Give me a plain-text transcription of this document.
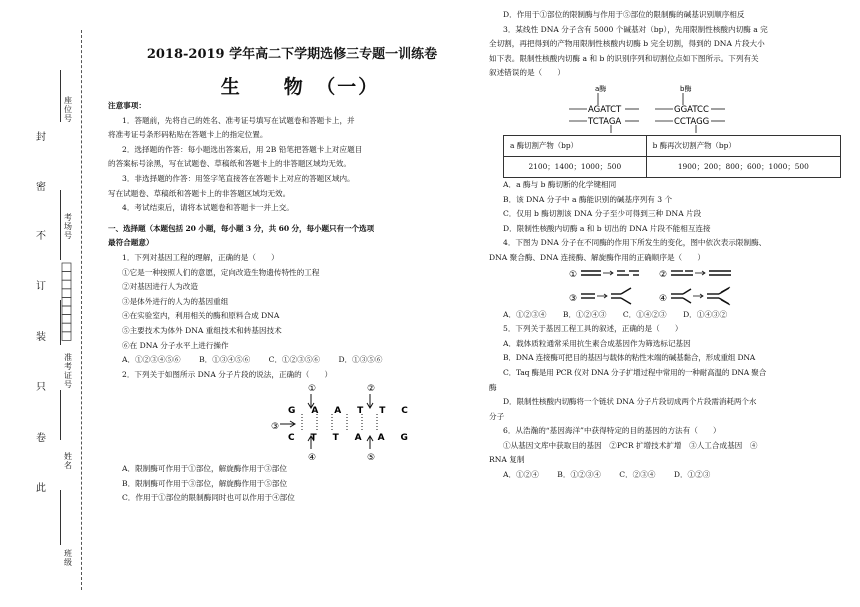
封
密
不
订
装
只
卷
此
座位号
考场号
准考证号
姓名
班级
2018-2019 学年高二下学期选修三专题一训练卷
生　　物　（一）

注意事项：

1．答题前，先将自己的姓名、准考证号填写在试题卷和答题卡上，并

将准考证号条形码粘贴在答题卡上的指定位置。

2．选择题的作答：每小题选出答案后，用 2B 铅笔把答题卡上对应题目

的答案标号涂黑，写在试题卷、草稿纸和答题卡上的非答题区域均无效。

3．非选择题的作答：用签字笔直接答在答题卡上对应的答题区域内。

写在试题卷、草稿纸和答题卡上的非答题区域均无效。

4．考试结束后，请将本试题卷和答题卡一并上交。

一、选择题（本题包括 20 小题，每小题 3 分，共 60 分，每小题只有一个选项

最符合题意）

1．下列对基因工程的理解，正确的是（　　）

①它是一种按照人们的意愿，定向改造生物遗传特性的工程

②对基因进行人为改造

③是体外进行的人为的基因重组

④在实验室内，利用相关的酶和原料合成 DNA

⑤主要技术为体外 DNA 重组技术和转基因技术

⑥在 DNA 分子水平上进行操作

A．①②③④⑤⑥ B．①③④⑤⑥ C．①②③⑤⑥ D．①③⑤⑥

2．下列关于如图所示 DNA 分子片段的说法，正确的（　　）

①	②
③
④	⑤
G A A T T C
C T T A A G

A．限制酶可作用于①部位，解旋酶作用于③部位

B．限制酶可作用于③部位，解旋酶作用于⑤部位

C．作用于①部位的限制酶同时也可以作用于④部位

D．作用于①部位的限制酶与作用于⑤部位的限制酶的碱基识别顺序相反

3．某线性 DNA 分子含有 5000 个碱基对（bp），先用限制性核酸内切酶 a 完

全切割，再把得到的产物用限制性核酸内切酶 b 完全切割，得到的 DNA 片段大小

如下表。限制性核酸内切酶 a 和 b 的识别序列和切割位点如下图所示。下列有关

叙述错误的是（　　）

a酶	b酶
AGATCT
TCTAGA
GGATCC
CCTAGG
a 酶切割产物（bp）	b 酶再次切割产物（bp）
2100；1400；1000；500	1900；200；800；600；1000；500

A．a 酶与 b 酶切断的化学键相同

B．该 DNA 分子中 a 酶能识别的碱基序列有 3 个

C．仅用 b 酶切割该 DNA 分子至少可得到三种 DNA 片段

D．限制性核酸内切酶 a 和 b 切出的 DNA 片段不能相互连接

4．下图为 DNA 分子在不同酶的作用下所发生的变化，图中依次表示限制酶、

DNA 聚合酶、DNA 连接酶、解旋酶作用的正确顺序是（　　）

①	②
③	④

A．①②③④ B．①②④③ C．①④②③ D．①④③②

5．下列关于基因工程工具的叙述，正确的是（　　）

A．载体质粒通常采用抗生素合成基因作为筛选标记基因

B．DNA 连接酶可把目的基因与载体的粘性末端的碱基黏合，形成重组 DNA

C．Taq 酶是用 PCR 仪对 DNA 分子扩增过程中常用的一种耐高温的 DNA 聚合

酶

D．限制性核酸内切酶将一个链状 DNA 分子片段切成两个片段需消耗两个水

分子

6．从浩瀚的“基因海洋”中获得特定的目的基因的方法有（　　）

①从基因文库中获取目的基因　②PCR 扩增技术扩增　③人工合成基因　④

RNA 复制

A．①②④ B．①②③④ C．②③④ D．①②③
